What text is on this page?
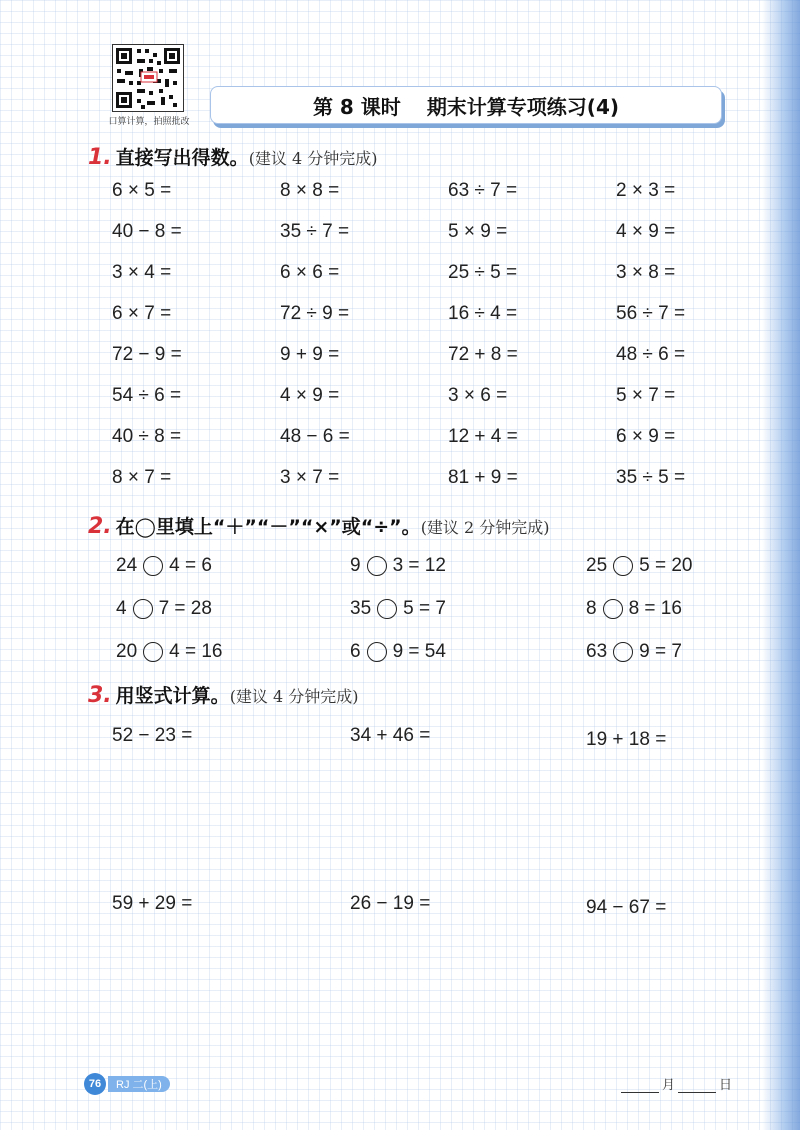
口算计算，拍照批改
第 8 课时 期末计算专项练习(4)
1. 直接写出得数。(建议 4 分钟完成)
6 × 5 =	8 × 8 =	63 ÷ 7 =	2 × 3 =
40 − 8 =	35 ÷ 7 =	5 × 9 =	4 × 9 =
3 × 4 =	6 × 6 =	25 ÷ 5 =	3 × 8 =
6 × 7 =	72 ÷ 9 =	16 ÷ 4 =	56 ÷ 7 =
72 − 9 =	9 + 9 =	72 + 8 =	48 ÷ 6 =
54 ÷ 6 =	4 × 9 =	3 × 6 =	5 × 7 =
40 ÷ 8 =	48 − 6 =	12 + 4 =	6 × 9 =
8 × 7 =	3 × 7 =	81 + 9 =	35 ÷ 5 =
2. 在◯里填上“＋”“－”“×”或“÷”。(建议 2 分钟完成)
24 4 = 6	9 3 = 12	25 5 = 20
4 7 = 28	35 5 = 7	8 8 = 16
20 4 = 16	6 9 = 54	63 9 = 7
3. 用竖式计算。(建议 4 分钟完成)
52 − 23 =	34 + 46 =	19 + 18 =
59 + 29 =	26 − 19 =	94 − 67 =
76	RJ 二(上)	月	日
